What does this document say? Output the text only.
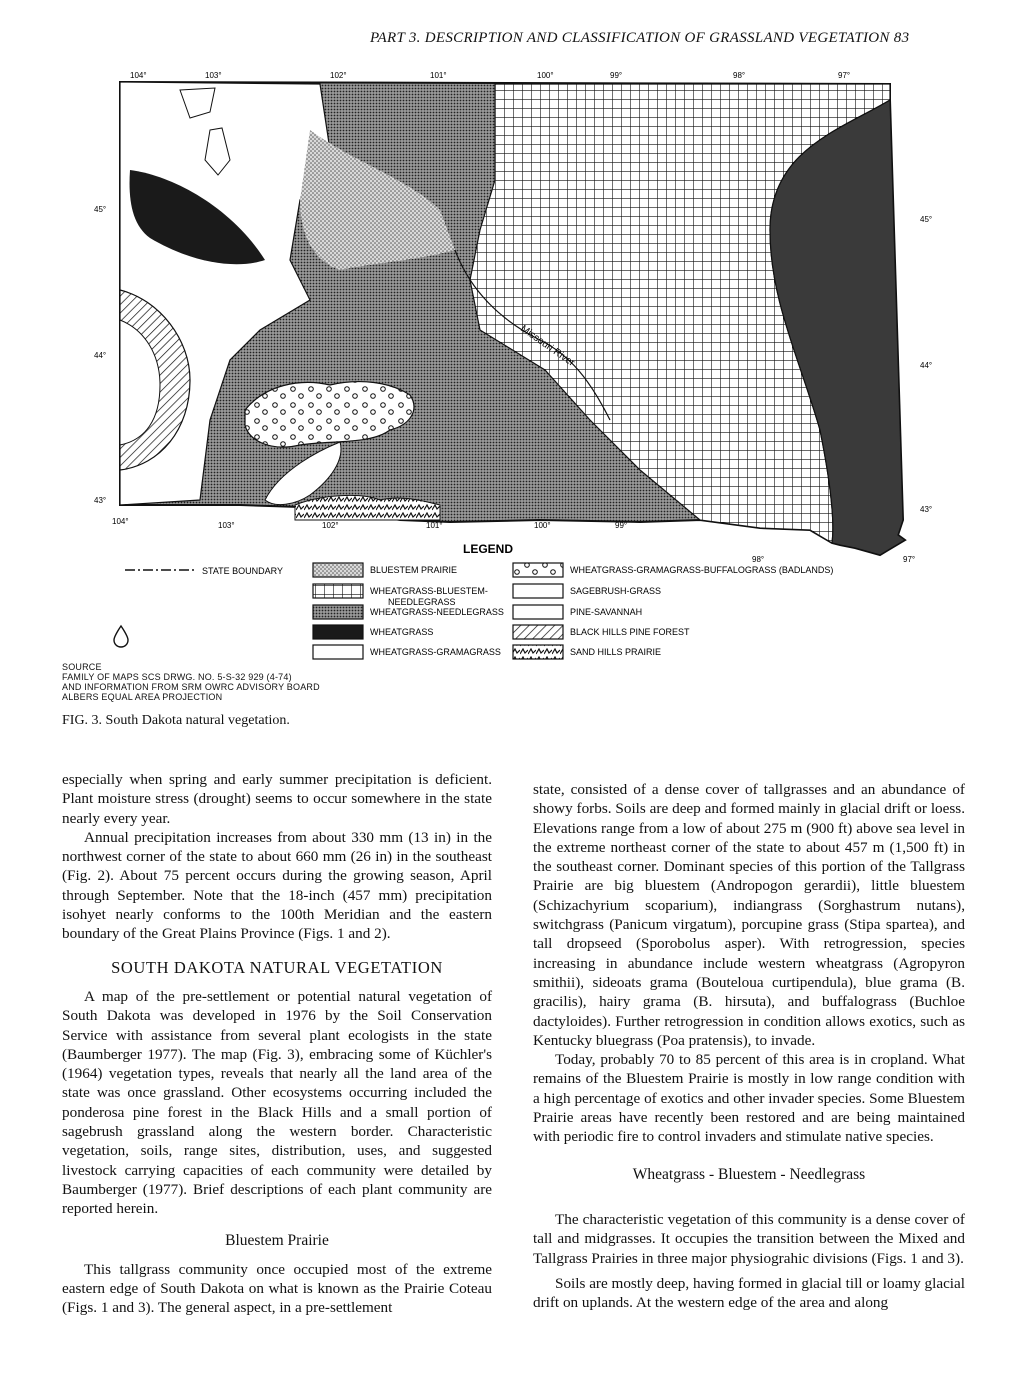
PART 3. DESCRIPTION AND CLASSIFICATION OF GRASSLAND VEGETATION 83
Missouri River
104°	103°	102°	101°	100°	99°	98°	97°
104°	103°	102°	101°	100°	99°
98°	97°
45°
44°
43°
45°
44°
43°
LEGEND
STATE BOUNDARY	BLUESTEM PRAIRIE
WHEATGRASS-BLUESTEM-
NEEDLEGRASS
WHEATGRASS-NEEDLEGRASS
WHEATGRASS
WHEATGRASS-GRAMAGRASS
WHEATGRASS-GRAMAGRASS-BUFFALOGRASS (BADLANDS)
SAGEBRUSH-GRASS
PINE-SAVANNAH
BLACK HILLS PINE FOREST
SAND HILLS PRAIRIE
SOURCE
FAMILY OF MAPS SCS DRWG. NO. 5-S-32 929 (4-74)
AND INFORMATION FROM SRM OWRC ADVISORY BOARD
ALBERS EQUAL AREA PROJECTION
FIG. 3. South Dakota natural vegetation.

especially when spring and early summer precipitation is deficient. Plant moisture stress (drought) seems to occur somewhere in the state nearly every year.

Annual precipitation increases from about 330 mm (13 in) in the northwest corner of the state to about 660 mm (26 in) in the southeast (Fig. 2). About 75 percent occurs during the growing season, April through September. Note that the 18-inch (457 mm) precipitation isohyet nearly conforms to the 100th Meridian and the eastern boundary of the Great Plains Province (Figs. 1 and 2).

SOUTH DAKOTA NATURAL VEGETATION

A map of the pre-settlement or potential natural vegetation of South Dakota was developed in 1976 by the Soil Conservation Service with assistance from several plant ecologists in the state (Baumberger 1977). The map (Fig. 3), embracing some of Küchler's (1964) vegetation types, reveals that nearly all the land area of the state was once grassland. Other ecosystems occurring included the ponderosa pine forest in the Black Hills and a small portion of sagebrush grassland along the western border. Characteristic vegetation, soils, range sites, distribution, uses, and suggested livestock carrying capacities of each community were detailed by Baumberger (1977). Brief descriptions of each plant community are reported herein.

Bluestem Prairie

This tallgrass community once occupied most of the extreme eastern edge of South Dakota on what is known as the Prairie Coteau (Figs. 1 and 3). The general aspect, in a pre-settlement

state, consisted of a dense cover of tallgrasses and an abundance of showy forbs. Soils are deep and formed mainly in glacial drift or loess. Elevations range from a low of about 275 m (900 ft) above sea level in the extreme northeast corner of the state to about 457 m (1,500 ft) in the southeast corner. Dominant species of this portion of the Tallgrass Prairie are big bluestem (Andropogon gerardii), little bluestem (Schizachyrium scoparium), indiangrass (Sorghastrum nutans), switchgrass (Panicum virgatum), porcupine grass (Stipa spartea), and tall dropseed (Sporobolus asper). With retrogression, species increasing in abundance include western wheatgrass (Agropyron smithii), sideoats grama (Bouteloua curtipendula), blue grama (B. gracilis), hairy grama (B. hirsuta), and buffalograss (Buchloe dactyloides). Further retrogression in condition allows exotics, such as Kentucky bluegrass (Poa pratensis), to invade.

Today, probably 70 to 85 percent of this area is in cropland. What remains of the Bluestem Prairie is mostly in low range condition with a high percentage of exotics and other invader species. Some Bluestem Prairie areas have recently been restored and are being maintained with periodic fire to control invaders and stimulate native species.

Wheatgrass - Bluestem - Needlegrass

The characteristic vegetation of this community is a dense cover of tall and midgrasses. It occupies the transition between the Mixed and Tallgrass Prairies in three major physiograhic divisions (Figs. 1 and 3).

Soils are mostly deep, having formed in glacial till or loamy glacial drift on uplands. At the western edge of the area and along
